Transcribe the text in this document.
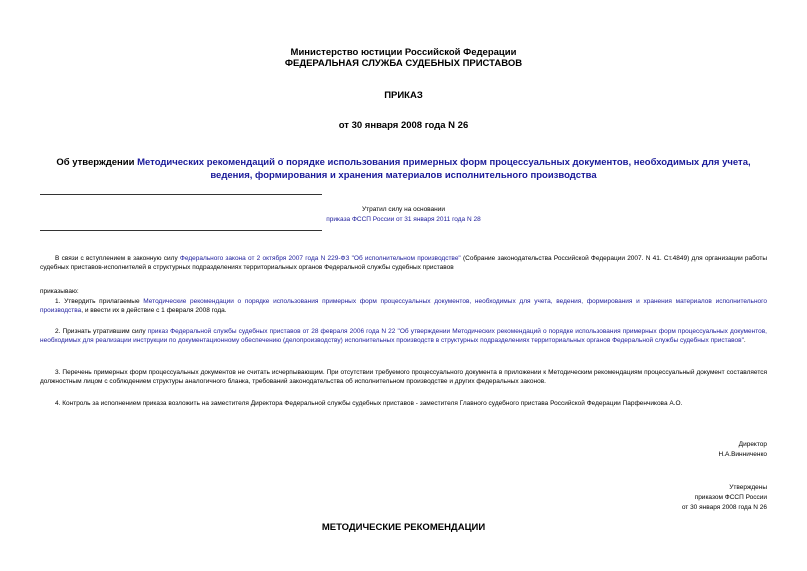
Министерство юстиции Российской Федерации
ФЕДЕРАЛЬНАЯ СЛУЖБА СУДЕБНЫХ ПРИСТАВОВ
ПРИКАЗ
от 30 января 2008 года N 26
Об утверждении Методических рекомендаций о порядке использования примерных форм процессуальных документов, необходимых для учета, ведения, формирования и хранения материалов исполнительного производства
Утратил силу на основании
приказа ФССП России от 31 января 2011 года N 28
В связи с вступлением в законную силу Федерального закона от 2 октября 2007 года N 229-ФЗ "Об исполнительном производстве" (Собрание законодательства Российской Федерации 2007. N 41. Ст.4849) для организации работы судебных приставов-исполнителей в структурных подразделениях территориальных органов Федеральной службы судебных приставов
приказываю:
1. Утвердить прилагаемые Методические рекомендации о порядке использования примерных форм процессуальных документов, необходимых для учета, ведения, формирования и хранения материалов исполнительного производства, и ввести их в действие с 1 февраля 2008 года.
2. Признать утратившим силу приказ Федеральной службы судебных приставов от 28 февраля 2006 года N 22 "Об утверждении Методических рекомендаций о порядке использования примерных форм процессуальных документов, необходимых для реализации инструкции по документационному обеспечению (делопроизводству) исполнительных производств в структурных подразделениях территориальных органов Федеральной службы судебных приставов".
3. Перечень примерных форм процессуальных документов не считать исчерпывающим. При отсутствии требуемого процессуального документа в приложении к Методическим рекомендациям процессуальный документ составляется должностным лицом с соблюдением структуры аналогичного бланка, требований законодательства об исполнительном производстве и других федеральных законов.
4. Контроль за исполнением приказа возложить на заместителя Директора Федеральной службы судебных приставов - заместителя Главного судебного пристава Российской Федерации Парфенчикова А.О.
Директор
Н.А.Винниченко
Утверждены
приказом ФССП России
от 30 января 2008 года N 26
МЕТОДИЧЕСКИЕ РЕКОМЕНДАЦИИ
